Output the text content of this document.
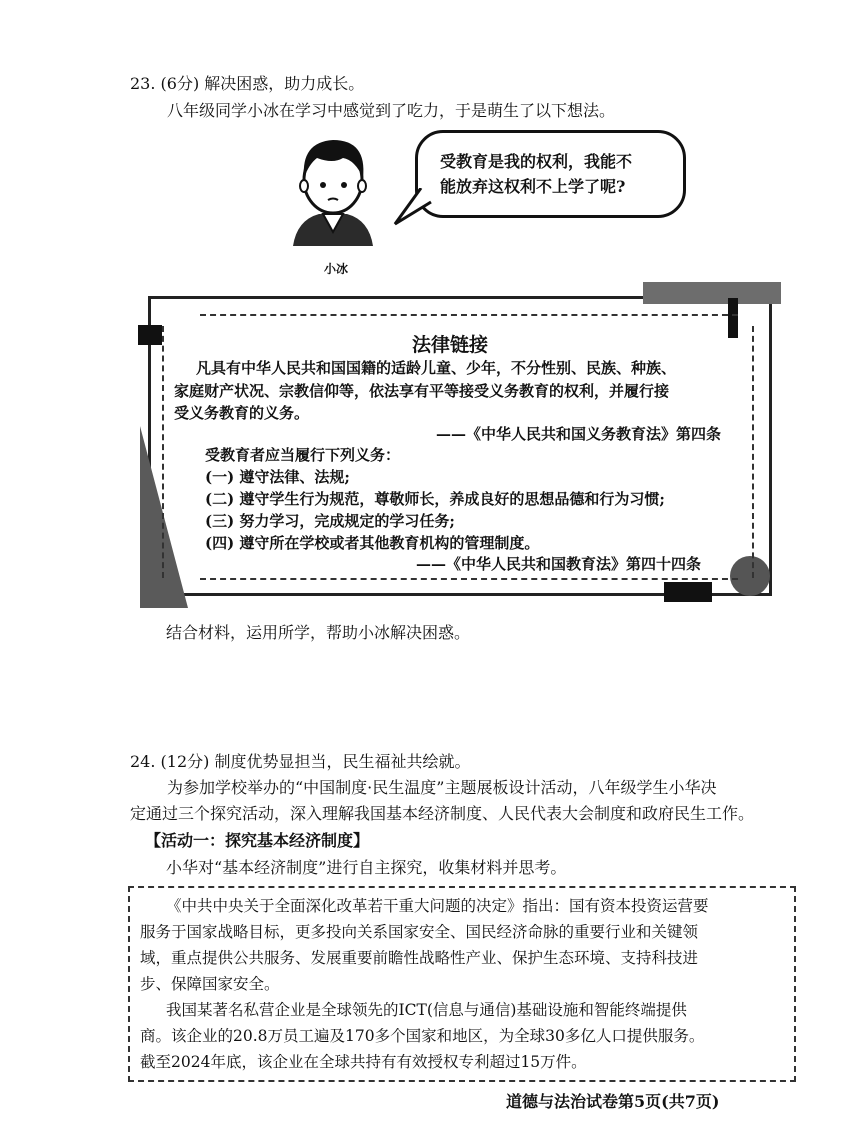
23. (6分) 解决困惑，助力成长。
八年级同学小冰在学习中感觉到了吃力，于是萌生了以下想法。
受教育是我的权利，我能不
能放弃这权利不上学了呢?
小冰
法律链接
凡具有中华人民共和国国籍的适龄儿童、少年，不分性别、民族、种族、
家庭财产状况、宗教信仰等，依法享有平等接受义务教育的权利，并履行接
受义务教育的义务。
——《中华人民共和国义务教育法》第四条
受教育者应当履行下列义务：
(一) 遵守法律、法规;
(二) 遵守学生行为规范，尊敬师长，养成良好的思想品德和行为习惯;
(三) 努力学习，完成规定的学习任务;
(四) 遵守所在学校或者其他教育机构的管理制度。
——《中华人民共和国教育法》第四十四条
结合材料，运用所学，帮助小冰解决困惑。
24. (12分) 制度优势显担当，民生福祉共绘就。
为参加学校举办的“中国制度·民生温度”主题展板设计活动，八年级学生小华决
定通过三个探究活动，深入理解我国基本经济制度、人民代表大会制度和政府民生工作。
【活动一：探究基本经济制度】
小华对“基本经济制度”进行自主探究，收集材料并思考。
《中共中央关于全面深化改革若干重大问题的决定》指出：国有资本投资运营要
服务于国家战略目标，更多投向关系国家安全、国民经济命脉的重要行业和关键领
域，重点提供公共服务、发展重要前瞻性战略性产业、保护生态环境、支持科技进
步、保障国家安全。
我国某著名私营企业是全球领先的ICT(信息与通信)基础设施和智能终端提供
商。该企业的20.8万员工遍及170多个国家和地区，为全球30多亿人口提供服务。
截至2024年底，该企业在全球共持有有效授权专利超过15万件。
道德与法治试卷第5页(共7页)
